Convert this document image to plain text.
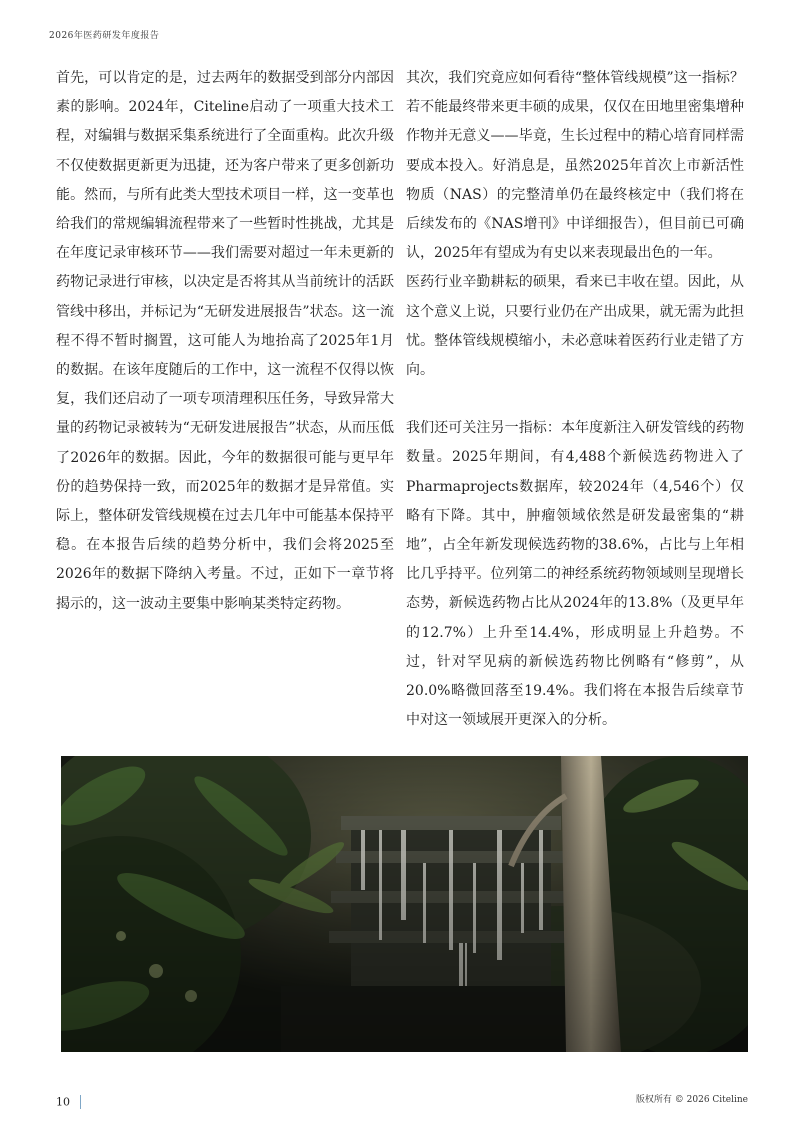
2026年医药研发年度报告

首先，可以肯定的是，过去两年的数据受到部分内部因素的影响。2024年，Citeline启动了一项重大技术工程，对编辑与数据采集系统进行了全面重构。此次升级不仅使数据更新更为迅捷，还为客户带来了更多创新功能。然而，与所有此类大型技术项目一样，这一变革也给我们的常规编辑流程带来了一些暂时性挑战，尤其是在年度记录审核环节——我们需要对超过一年未更新的药物记录进行审核，以决定是否将其从当前统计的活跃管线中移出，并标记为“无研发进展报告”状态。这一流程不得不暂时搁置，这可能人为地抬高了2025年1月的数据。在该年度随后的工作中，这一流程不仅得以恢复，我们还启动了一项专项清理积压任务，导致异常大量的药物记录被转为“无研发进展报告”状态，从而压低了2026年的数据。因此，今年的数据很可能与更早年份的趋势保持一致，而2025年的数据才是异常值。实际上，整体研发管线规模在过去几年中可能基本保持平稳。在本报告后续的趋势分析中，我们会将2025至2026年的数据下降纳入考量。不过，正如下一章节将揭示的，这一波动主要集中影响某类特定药物。

其次，我们究竟应如何看待“整体管线规模”这一指标？若不能最终带来更丰硕的成果，仅仅在田地里密集增种作物并无意义——毕竟，生长过程中的精心培育同样需要成本投入。好消息是，虽然2025年首次上市新活性物质（NAS）的完整清单仍在最终核定中（我们将在后续发布的《NAS增刊》中详细报告），但目前已可确认，2025年有望成为有史以来表现最出色的一年。

医药行业辛勤耕耘的硕果，看来已丰收在望。因此，从这个意义上说，只要行业仍在产出成果，就无需为此担忧。整体管线规模缩小，未必意味着医药行业走错了方向。

我们还可关注另一指标：本年度新注入研发管线的药物数量。2025年期间，有4,488个新候选药物进入了Pharmaprojects数据库，较2024年（4,546个）仅略有下降。其中，肿瘤领域依然是研发最密集的“耕地”，占全年新发现候选药物的38.6%，占比与上年相比几乎持平。位列第二的神经系统药物领域则呈现增长态势，新候选药物占比从2024年的13.8%（及更早年的12.7%）上升至14.4%，形成明显上升趋势。不过，针对罕见病的新候选药物比例略有“修剪”，从20.0%略微回落至19.4%。我们将在本报告后续章节中对这一领域展开更深入的分析。

10	版权所有 © 2026 Citeline
